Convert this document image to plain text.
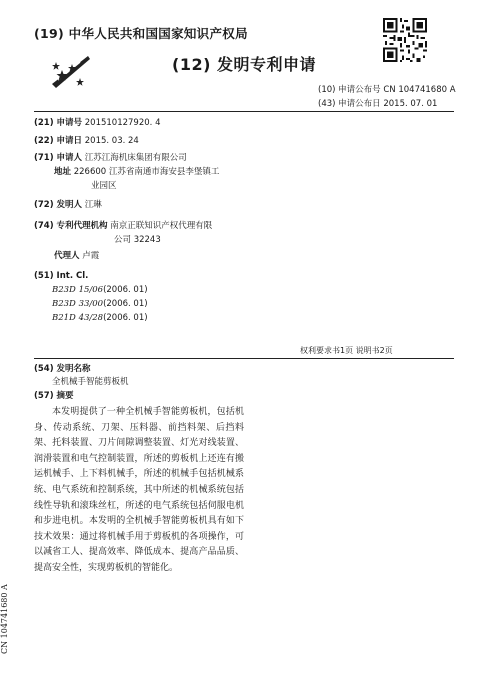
(19) 中华人民共和国国家知识产权局
(12) 发明专利申请
(10) 申请公布号 CN 104741680 A
(43) 申请公布日 2015. 07. 01
(21) 申请号 201510127920. 4
(22) 申请日 2015. 03. 24
(71) 申请人 江苏江海机床集团有限公司
地址 226600 江苏省南通市海安县李堡镇工
业园区
(72) 发明人 江琳
(74) 专利代理机构 南京正联知识产权代理有限
公司 32243
代理人 卢霞
(51) Int. Cl.
B23D 15/06(2006. 01)
B23D 33/00(2006. 01)
B21D 43/28(2006. 01)
权利要求书1页 说明书2页
(54) 发明名称
全机械手智能剪板机
(57) 摘要
本发明提供了一种全机械手智能剪板机，包括机身、传动系统、刀架、压料器、前挡料架、后挡料架、托料装置、刀片间隙调整装置、灯光对线装置、润滑装置和电气控制装置，所述的剪板机上还连有搬运机械手、上下料机械手，所述的机械手包括机械系统、电气系统和控制系统，其中所述的机械系统包括线性导轨和滚珠丝杠，所述的电气系统包括伺服电机和步进电机。本发明的全机械手智能剪板机具有如下技术效果：通过将机械手用于剪板机的各项操作，可以减省工人、提高效率、降低成本、提高产品品质、提高安全性，实现剪板机的智能化。
CN 104741680 A
